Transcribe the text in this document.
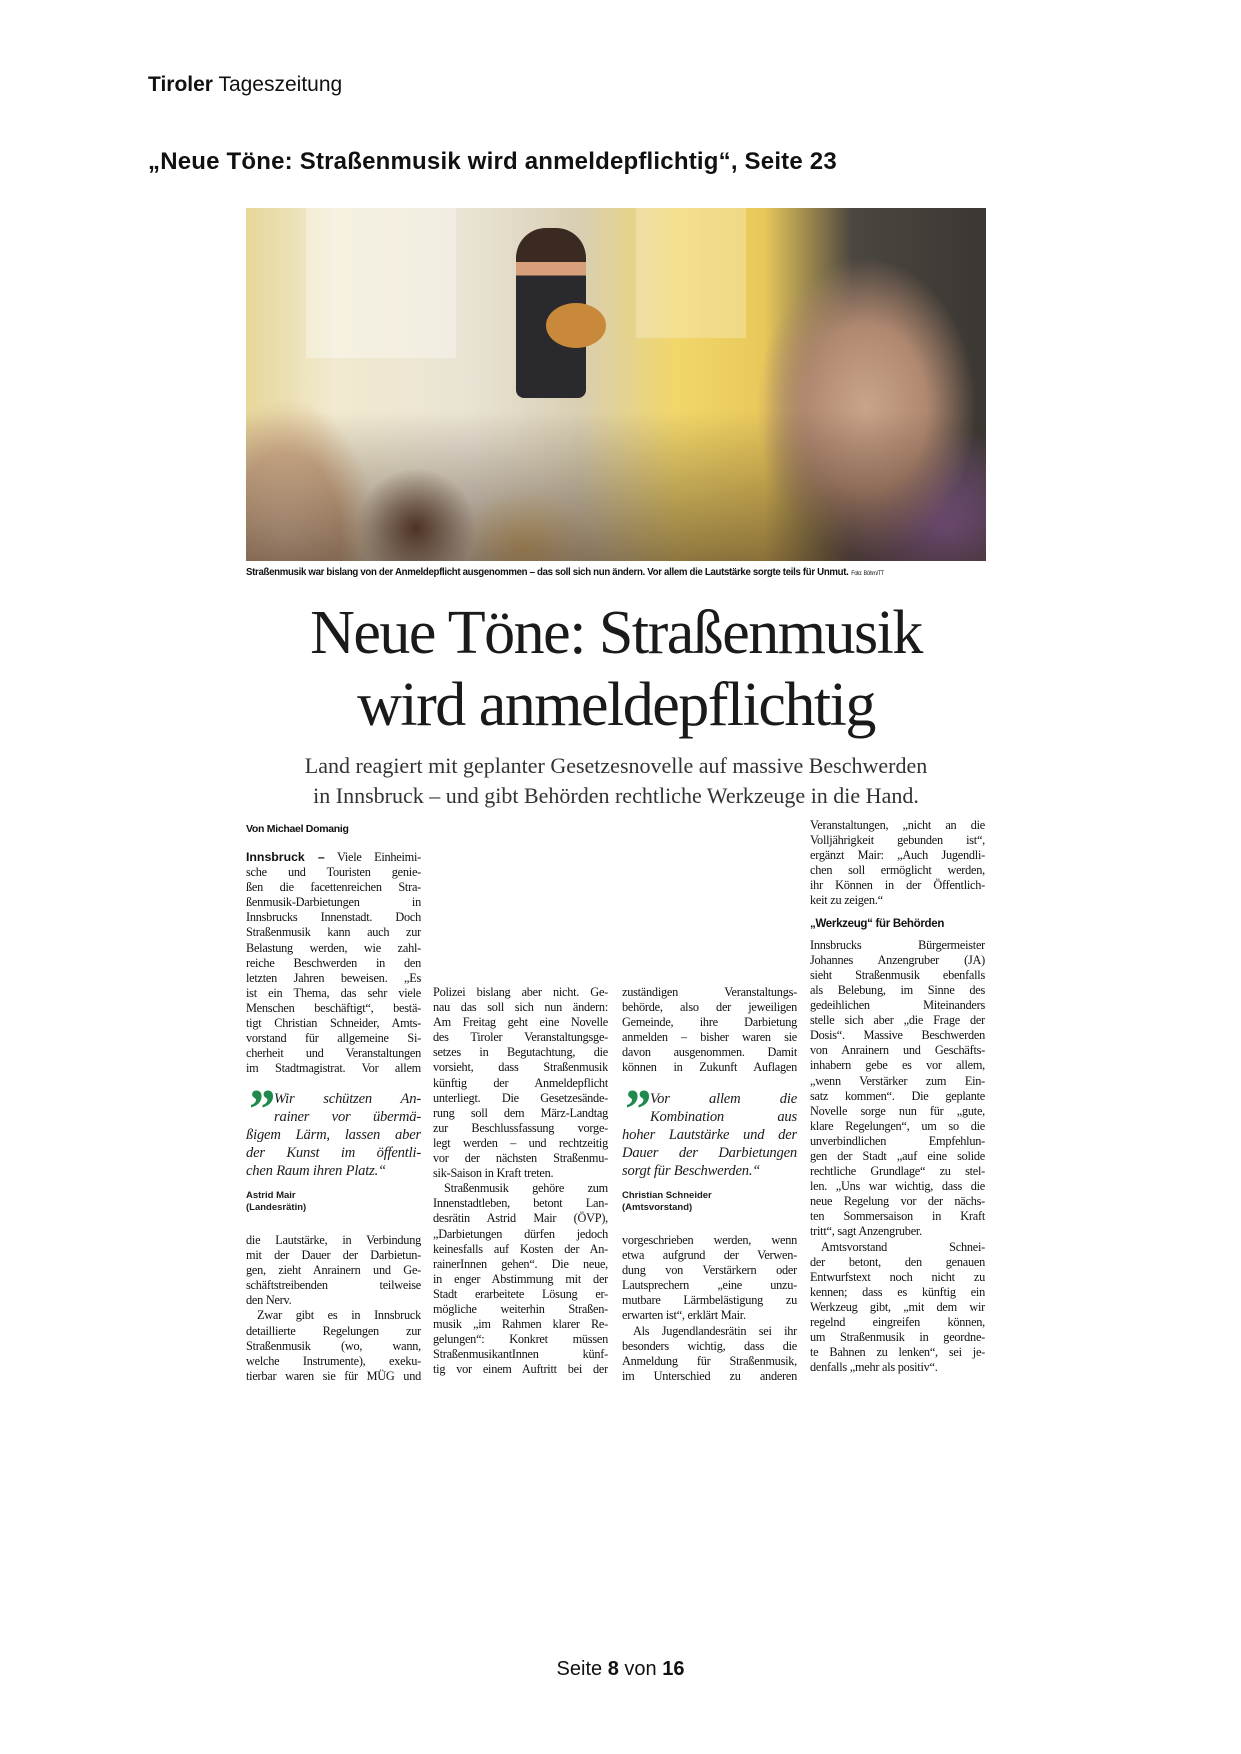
Tiroler Tageszeitung
„Neue Töne: Straßenmusik wird anmeldepflichtig“, Seite 23
Straßenmusik war bislang von der Anmeldepflicht ausgenommen – das soll sich nun ändern. Vor allem die Lautstärke sorgte teils für Unmut. Foto: Böhm/TT
Neue Töne: Straßenmusik
wird anmeldepflichtig
Land reagiert mit geplanter Gesetzesnovelle auf massive Beschwerden
in Innsbruck – und gibt Behörden rechtliche Werkzeuge in die Hand.
Von Michael Domanig
Innsbruck – Viele Einheimi-
sche und Touristen genie-
ßen die facettenreichen Stra-
ßenmusik-Darbietungen in
Innsbrucks Innenstadt. Doch
Straßenmusik kann auch zur
Belastung werden, wie zahl-
reiche Beschwerden in den
letzten Jahren beweisen. „Es
ist ein Thema, das sehr viele
Menschen beschäftigt“, bestä-
tigt Christian Schneider, Amts-
vorstand für allgemeine Si-
cherheit und Veranstaltungen
im Stadtmagistrat. Vor allem
” Wir schützen An-
rainer vor übermä-
ßigem Lärm, lassen aber
der Kunst im öffentli-
chen Raum ihren Platz.“
Astrid Mair
(Landesrätin)
die Lautstärke, in Verbindung
mit der Dauer der Darbietun-
gen, zieht Anrainern und Ge-
schäftstreibenden teilweise
den Nerv.
Zwar gibt es in Innsbruck
detaillierte Regelungen zur
Straßenmusik (wo, wann,
welche Instrumente), exeku-
tierbar waren sie für MÜG und
Polizei bislang aber nicht. Ge-
nau das soll sich nun ändern:
Am Freitag geht eine Novelle
des Tiroler Veranstaltungsge-
setzes in Begutachtung, die
vorsieht, dass Straßenmusik
künftig der Anmeldepflicht
unterliegt. Die Gesetzesände-
rung soll dem März-Landtag
zur Beschlussfassung vorge-
legt werden – und rechtzeitig
vor der nächsten Straßenmu-
sik-Saison in Kraft treten.
Straßenmusik gehöre zum
Innenstadtleben, betont Lan-
desrätin Astrid Mair (ÖVP),
„Darbietungen dürfen jedoch
keinesfalls auf Kosten der An-
rainerInnen gehen“. Die neue,
in enger Abstimmung mit der
Stadt erarbeitete Lösung er-
mögliche weiterhin Straßen-
musik „im Rahmen klarer Re-
gelungen“: Konkret müssen
StraßenmusikantInnen künf-
tig vor einem Auftritt bei der
zuständigen Veranstaltungs-
behörde, also der jeweiligen
Gemeinde, ihre Darbietung
anmelden – bisher waren sie
davon ausgenommen. Damit
können in Zukunft Auflagen
” Vor allem die
Kombination aus
hoher Lautstärke und der
Dauer der Darbietungen
sorgt für Beschwerden.“
Christian Schneider
(Amtsvorstand)
vorgeschrieben werden, wenn
etwa aufgrund der Verwen-
dung von Verstärkern oder
Lautsprechern „eine unzu-
mutbare Lärmbelästigung zu
erwarten ist“, erklärt Mair.
Als Jugendlandesrätin sei ihr
besonders wichtig, dass die
Anmeldung für Straßenmusik,
im Unterschied zu anderen
Veranstaltungen, „nicht an die
Volljährigkeit gebunden ist“,
ergänzt Mair: „Auch Jugendli-
chen soll ermöglicht werden,
ihr Können in der Öffentlich-
keit zu zeigen.“
„Werkzeug“ für Behörden
Innsbrucks Bürgermeister
Johannes Anzengruber (JA)
sieht Straßenmusik ebenfalls
als Belebung, im Sinne des
gedeihlichen Miteinanders
stelle sich aber „die Frage der
Dosis“. Massive Beschwerden
von Anrainern und Geschäfts-
inhabern gebe es vor allem,
„wenn Verstärker zum Ein-
satz kommen“. Die geplante
Novelle sorge nun für „gute,
klare Regelungen“, um so die
unverbindlichen Empfehlun-
gen der Stadt „auf eine solide
rechtliche Grundlage“ zu stel-
len. „Uns war wichtig, dass die
neue Regelung vor der nächs-
ten Sommersaison in Kraft
tritt“, sagt Anzengruber.
Amtsvorstand Schnei-
der betont, den genauen
Entwurfstext noch nicht zu
kennen; dass es künftig ein
Werkzeug gibt, „mit dem wir
regelnd eingreifen können,
um Straßenmusik in geordne-
te Bahnen zu lenken“, sei je-
denfalls „mehr als positiv“.
Seite 8 von 16
